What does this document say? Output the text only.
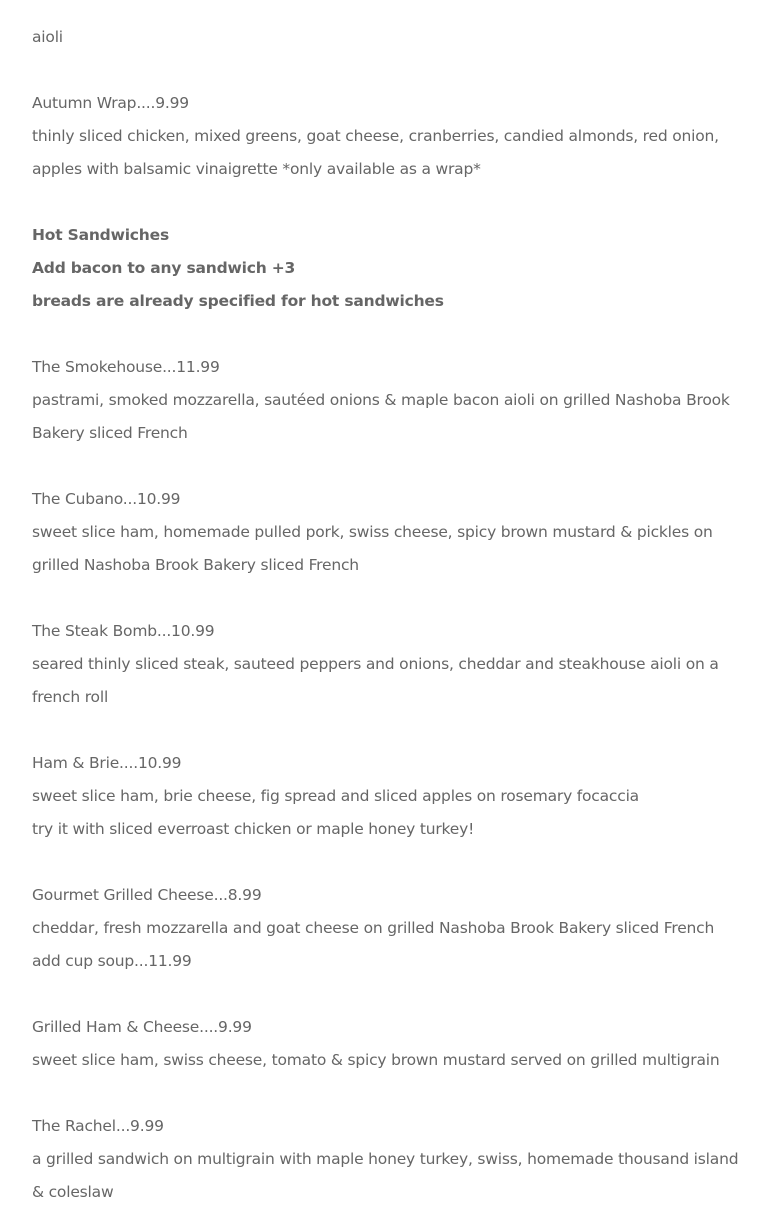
aioli
Autumn Wrap....9.99
thinly sliced chicken, mixed greens, goat cheese, cranberries, candied almonds, red onion,
apples with balsamic vinaigrette *only available as a wrap*
Hot Sandwiches
Add bacon to any sandwich +3
breads are already specified for hot sandwiches
The Smokehouse...11.99
pastrami, smoked mozzarella, sautéed onions & maple bacon aioli on grilled Nashoba Brook
Bakery sliced French
The Cubano...10.99
sweet slice ham, homemade pulled pork, swiss cheese, spicy brown mustard & pickles on
grilled Nashoba Brook Bakery sliced French
The Steak Bomb...10.99
seared thinly sliced steak, sauteed peppers and onions, cheddar and steakhouse aioli on a
french roll
Ham & Brie....10.99
sweet slice ham, brie cheese, fig spread and sliced apples on rosemary focaccia
try it with sliced everroast chicken or maple honey turkey!
Gourmet Grilled Cheese...8.99
cheddar, fresh mozzarella and goat cheese on grilled Nashoba Brook Bakery sliced French
add cup soup...11.99
Grilled Ham & Cheese....9.99
sweet slice ham, swiss cheese, tomato & spicy brown mustard served on grilled multigrain
The Rachel...9.99
a grilled sandwich on multigrain with maple honey turkey, swiss, homemade thousand island
& coleslaw
